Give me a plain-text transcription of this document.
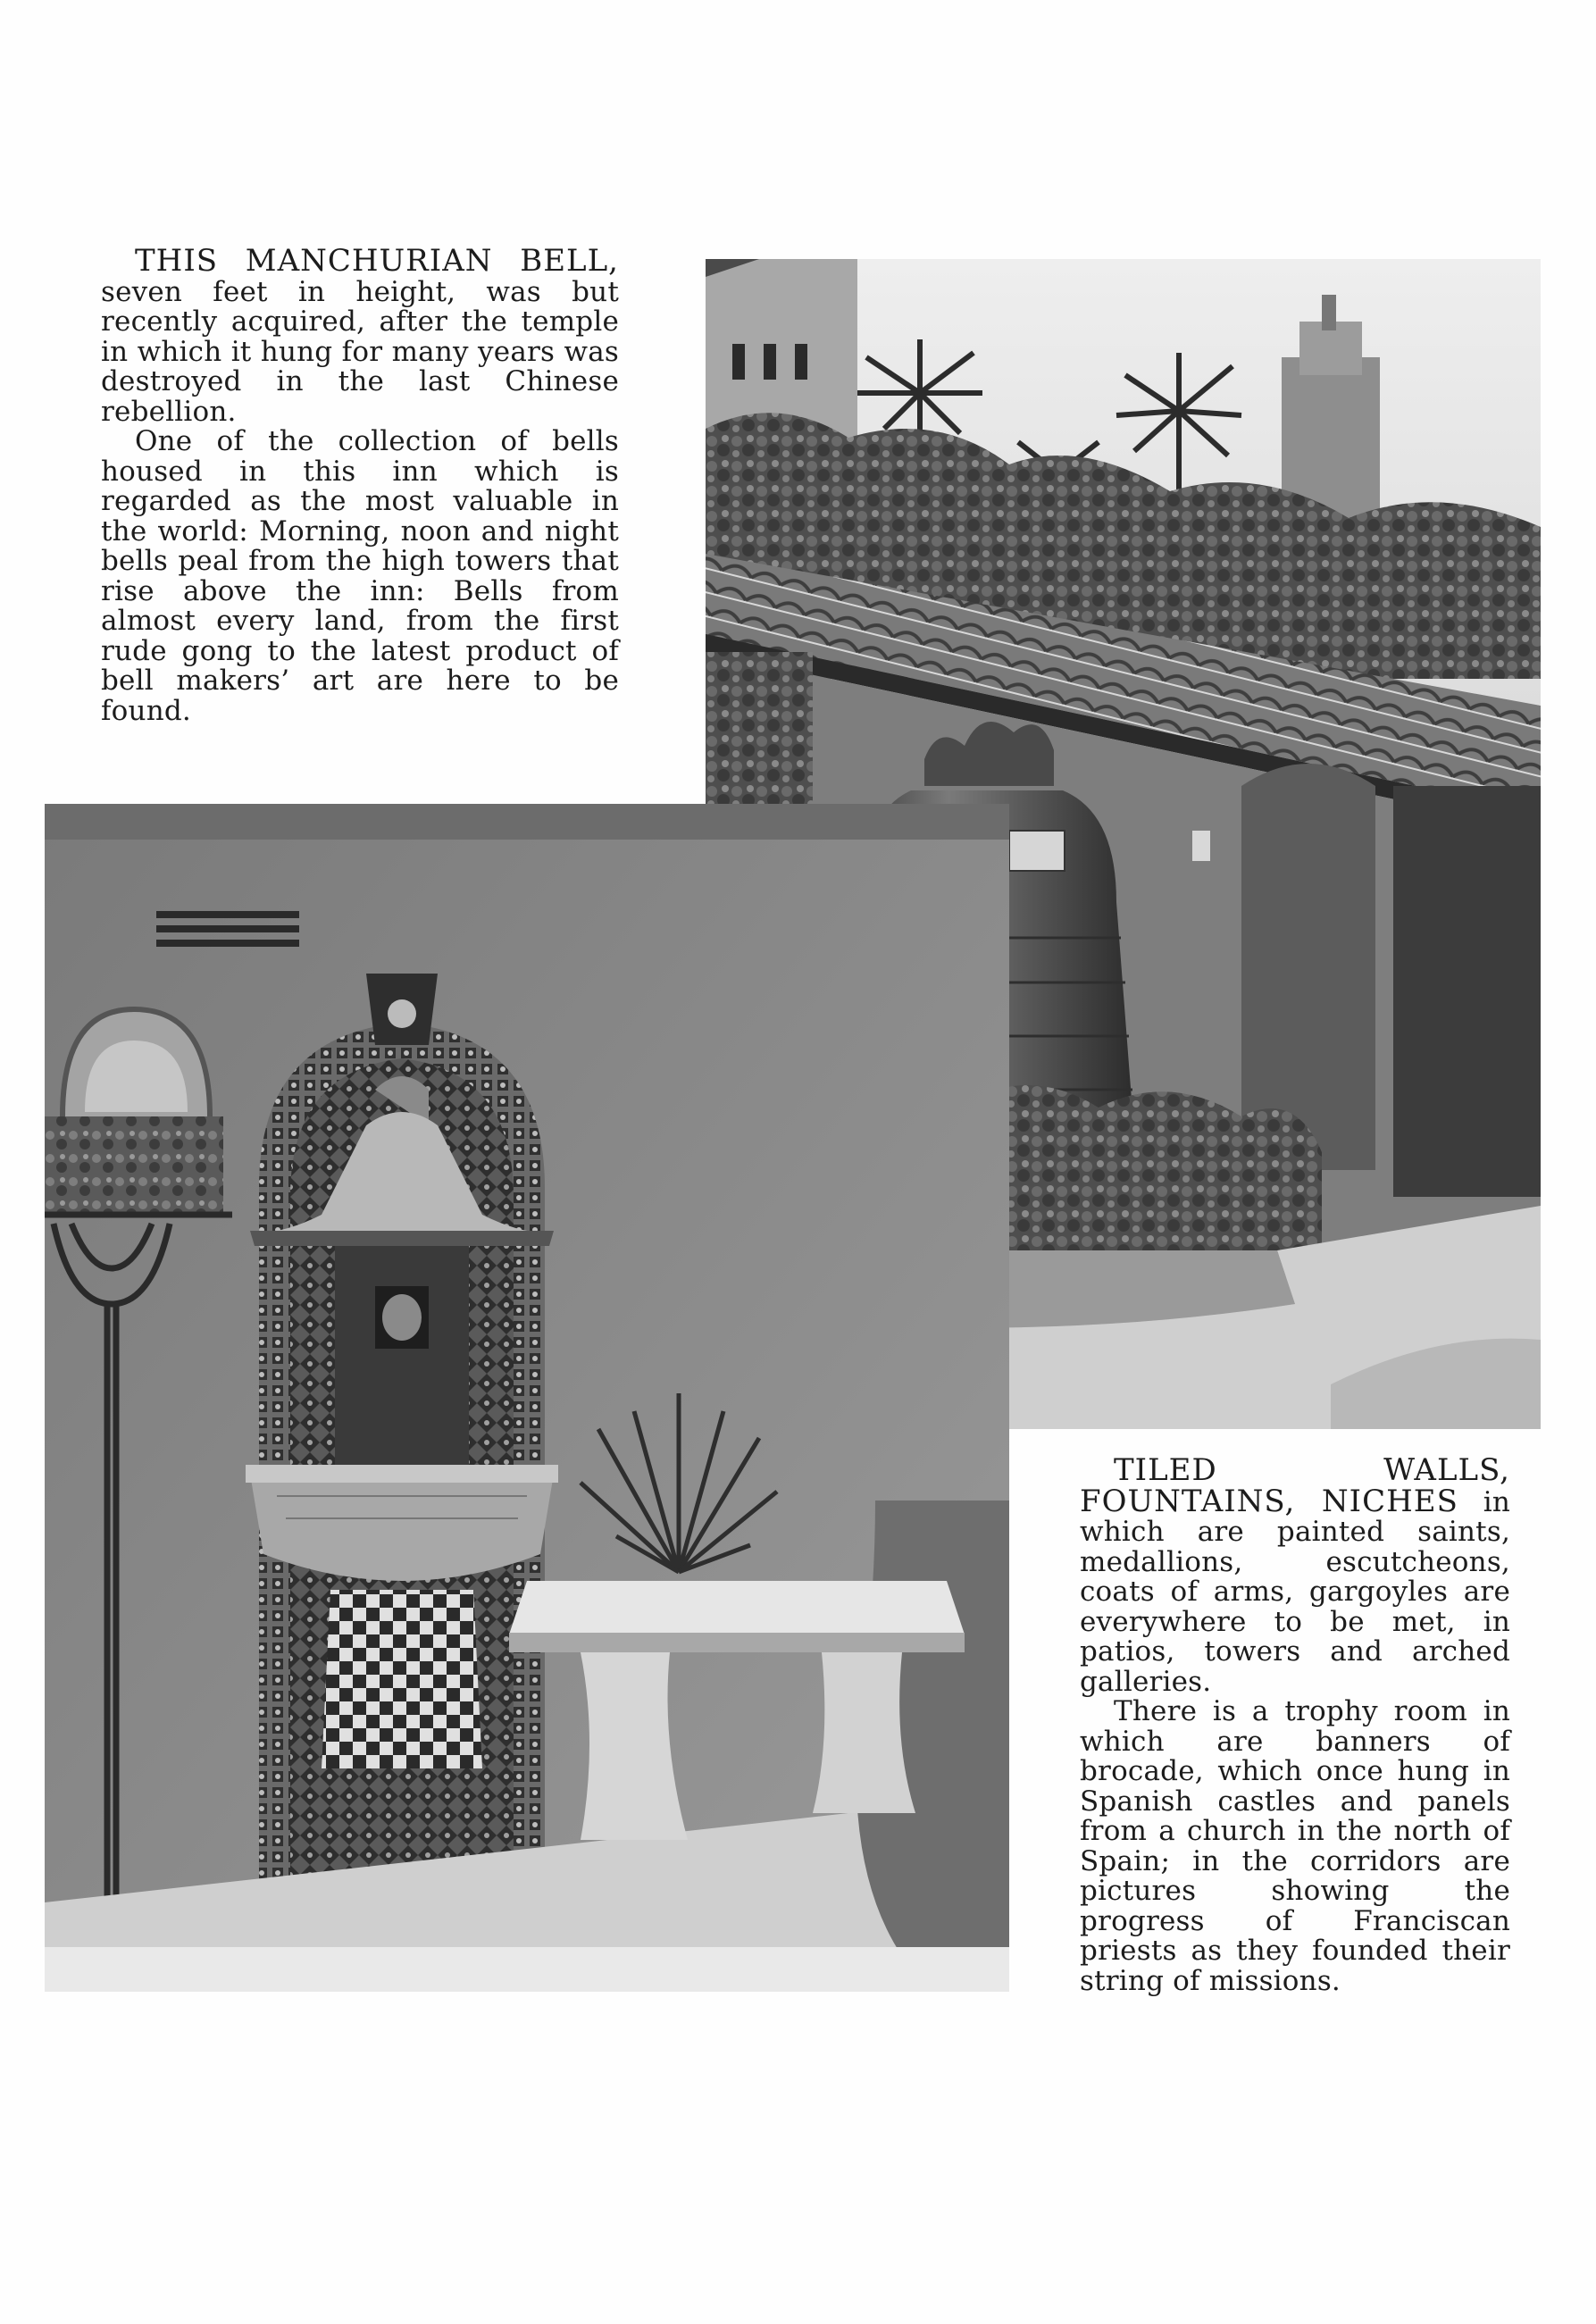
THIS MANCHURIAN BELL, seven feet in height, was but recently acquired, after the temple in which it hung for many years was destroyed in the last Chinese rebellion.

One of the collection of bells housed in this inn which is regarded as the most valuable in the world: Morning, noon and night bells peal from the high towers that rise above the inn: Bells from almost every land, from the first rude gong to the latest product of bell makers’ art are here to be found.

TILED WALLS, FOUNTAINS, NICHES in which are painted saints, medallions, escutcheons, coats of arms, gargoyles are everywhere to be met, in patios, towers and arched galleries.

There is a trophy room in which are banners of brocade, which once hung in Spanish castles and panels from a church in the north of Spain; in the corridors are pictures showing the progress of Franciscan priests as they founded their string of missions.
